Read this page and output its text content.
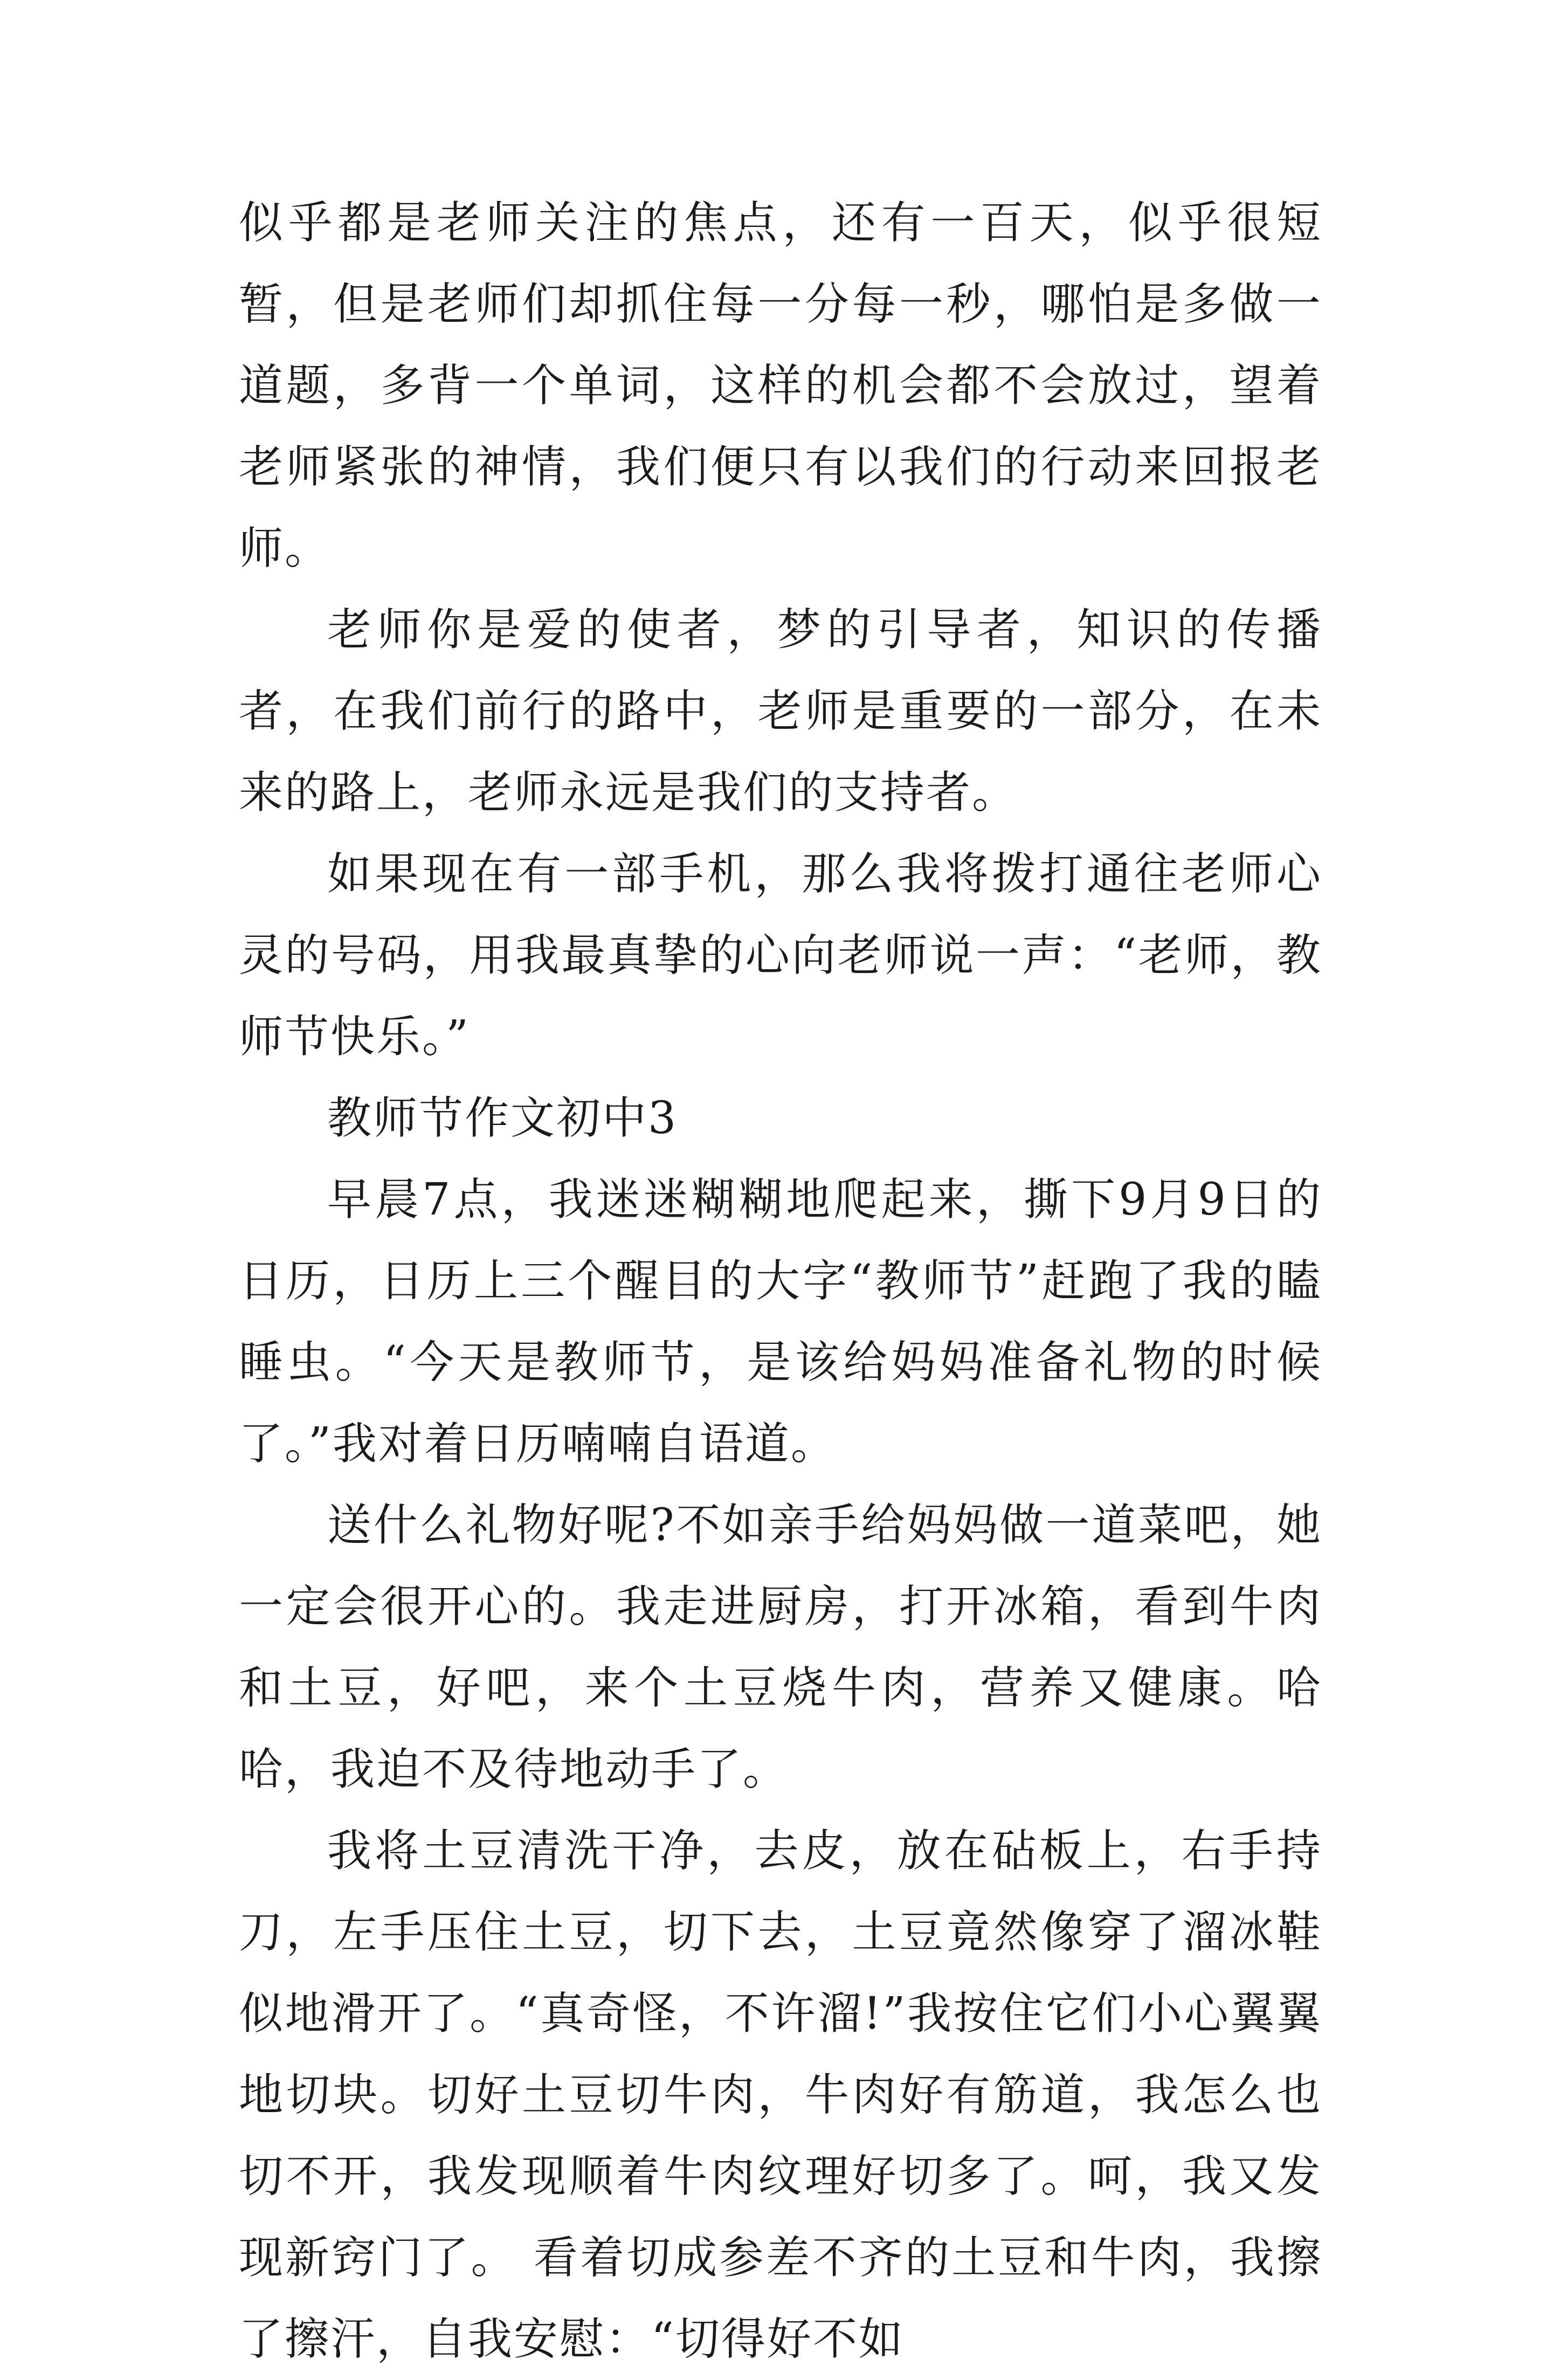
似乎都是老师关注的焦点，还有一百天，似乎很短暂，但是老师们却抓住每一分每一秒，哪怕是多做一道题，多背一个单词，这样的机会都不会放过，望着老师紧张的神情，我们便只有以我们的行动来回报老师。

老师你是爱的使者，梦的引导者，知识的传播者，在我们前行的路中，老师是重要的一部分，在未来的路上，老师永远是我们的支持者。

如果现在有一部手机，那么我将拨打通往老师心灵的号码，用我最真挚的心向老师说一声：“老师，教师节快乐。”

教师节作文初中3

早晨7点，我迷迷糊糊地爬起来，撕下9月9日的日历，日历上三个醒目的大字“教师节”赶跑了我的瞌睡虫。“今天是教师节，是该给妈妈准备礼物的时候了。”我对着日历喃喃自语道。

送什么礼物好呢?不如亲手给妈妈做一道菜吧，她一定会很开心的。我走进厨房，打开冰箱，看到牛肉和土豆，好吧，来个土豆烧牛肉，营养又健康。哈哈，我迫不及待地动手了。

我将土豆清洗干净，去皮，放在砧板上，右手持刀，左手压住土豆，切下去，土豆竟然像穿了溜冰鞋似地滑开了。“真奇怪，不许溜!”我按住它们小心翼翼地切块。切好土豆切牛肉，牛肉好有筋道，我怎么也切不开，我发现顺着牛肉纹理好切多了。呵，我又发现新窍门了。 看着切成参差不齐的土豆和牛肉，我擦了擦汗，自我安慰：“切得好不如
